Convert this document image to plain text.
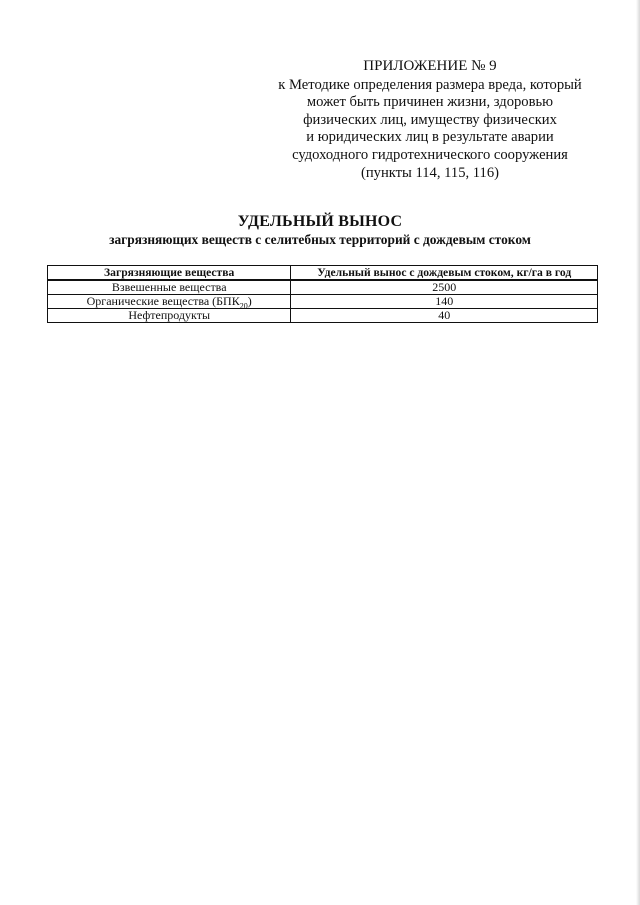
ПРИЛОЖЕНИЕ № 9
к Методике определения размера вреда, который
может быть причинен жизни, здоровью
физических лиц, имуществу физических
и юридических лиц в результате аварии
судоходного гидротехнического сооружения
(пункты 114, 115, 116)
УДЕЛЬНЫЙ ВЫНОС
загрязняющих веществ с селитебных территорий с дождевым стоком
Загрязняющие вещества	Удельный вынос с дождевым стоком, кг/га в год
Взвешенные вещества	2500
Органические вещества $(БПК_{20})$	140
Нефтепродукты	40
